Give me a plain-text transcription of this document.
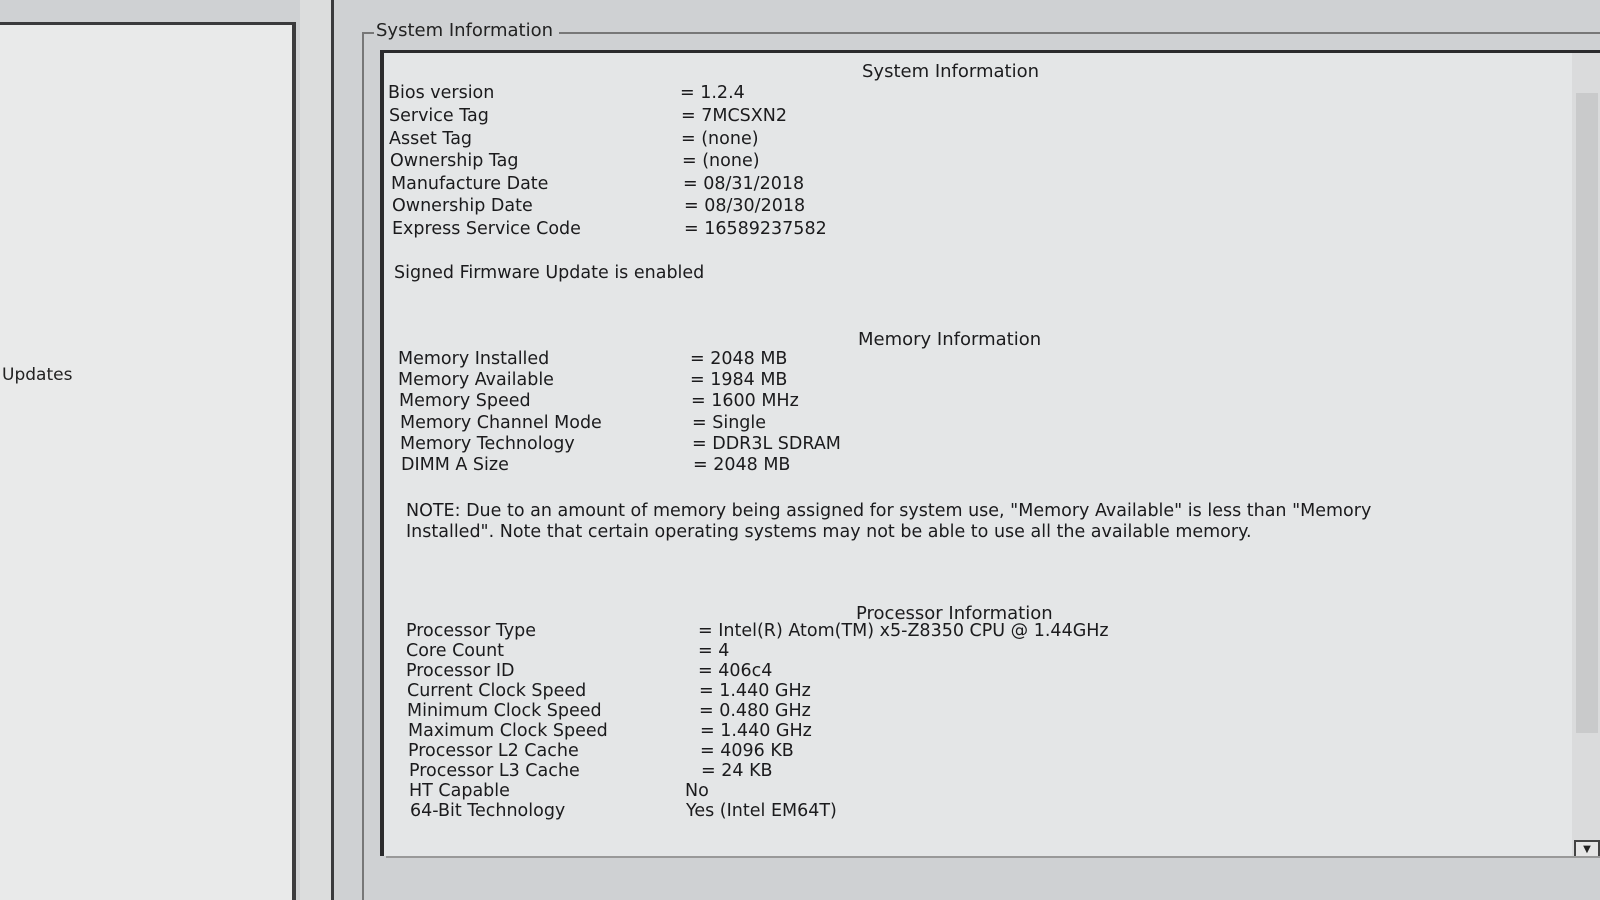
Updates
System Information
System Information
Bios version	= 1.2.4
Service Tag	= 7MCSXN2
Asset Tag	= (none)
Ownership Tag	= (none)
Manufacture Date	= 08/31/2018
Ownership Date	= 08/30/2018
Express Service Code	= 16589237582
Signed Firmware Update is enabled
Memory Information
Memory Installed	= 2048 MB
Memory Available	= 1984 MB
Memory Speed	= 1600 MHz
Memory Channel Mode	= Single
Memory Technology	= DDR3L SDRAM
DIMM A Size	= 2048 MB
NOTE: Due to an amount of memory being assigned for system use, "Memory Available" is less than "Memory Installed". Note that certain operating systems may not be able to use all the available memory.
Processor Information
Processor Type	= Intel(R) Atom(TM) x5-Z8350 CPU @ 1.44GHz
Core Count	= 4
Processor ID	= 406c4
Current Clock Speed	= 1.440 GHz
Minimum Clock Speed	= 0.480 GHz
Maximum Clock Speed	= 1.440 GHz
Processor L2 Cache	= 4096 KB
Processor L3 Cache	= 24 KB
HT Capable	No
64-Bit Technology	Yes (Intel EM64T)
▼
